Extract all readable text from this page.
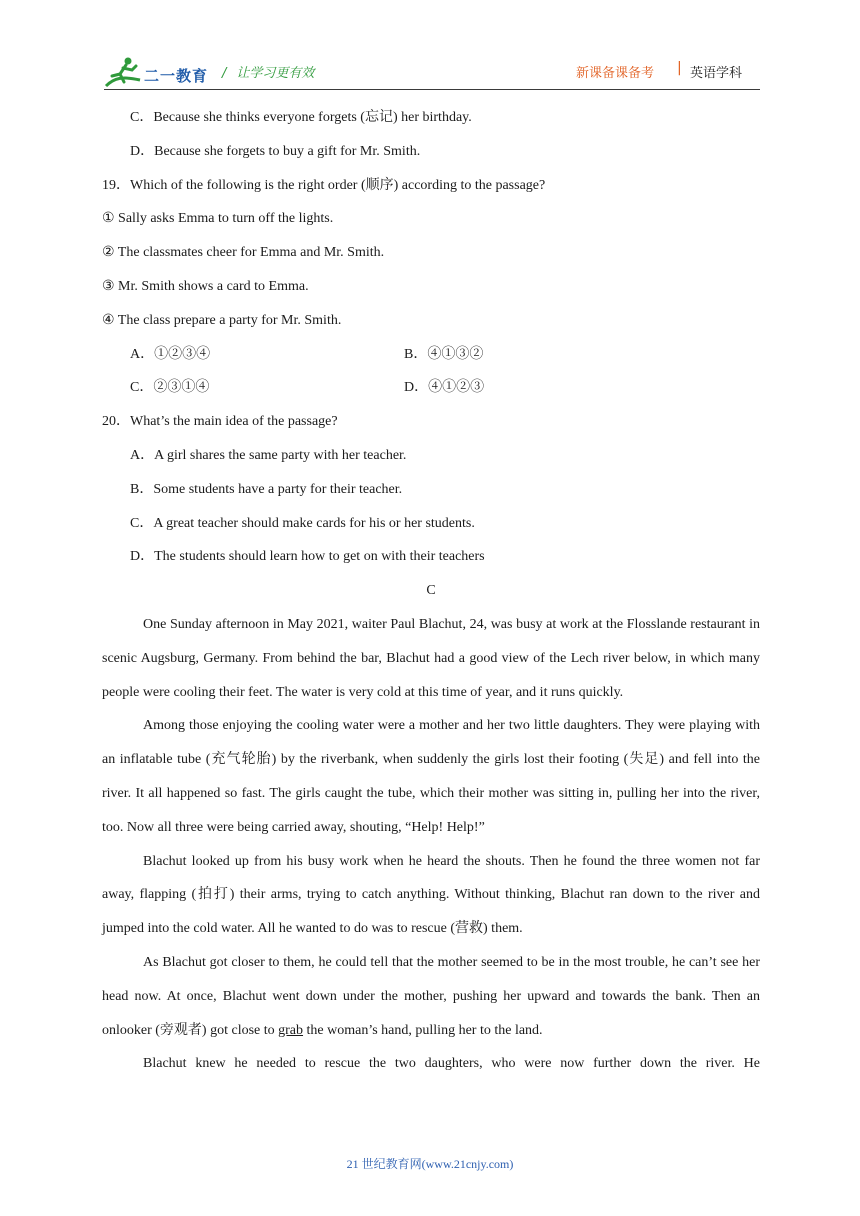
二一教育 / 让学习更有效	新课备课备考 | 英语学科
C．Because she thinks everyone forgets (忘记) her birthday.
D．Because she forgets to buy a gift for Mr. Smith.
19．Which of the following is the right order (顺序) according to the passage?
① Sally asks Emma to turn off the lights.
② The classmates cheer for Emma and Mr. Smith.
③ Mr. Smith shows a card to Emma.
④ The class prepare a party for Mr. Smith.
A．①②③④	B．④①③②
C．②③①④	D．④①②③
20．What’s the main idea of the passage?
A．A girl shares the same party with her teacher.
B．Some students have a party for their teacher.
C．A great teacher should make cards for his or her students.
D．The students should learn how to get on with their teachers
C

One Sunday afternoon in May 2021, waiter Paul Blachut, 24, was busy at work at the Flosslande restaurant in scenic Augsburg, Germany. From behind the bar, Blachut had a good view of the Lech river below, in which many people were cooling their feet. The water is very cold at this time of year, and it runs quickly.

Among those enjoying the cooling water were a mother and her two little daughters. They were playing with an inflatable tube (充气轮胎) by the riverbank, when suddenly the girls lost their footing (失足) and fell into the river. It all happened so fast. The girls caught the tube, which their mother was sitting in, pulling her into the river, too. Now all three were being carried away, shouting, “Help! Help!”

Blachut looked up from his busy work when he heard the shouts. Then he found the three women not far away, flapping (拍打) their arms, trying to catch anything. Without thinking, Blachut ran down to the river and jumped into the cold water. All he wanted to do was to rescue (营救) them.

As Blachut got closer to them, he could tell that the mother seemed to be in the most trouble, he can’t see her head now. At once, Blachut went down under the mother, pushing her upward and towards the bank. Then an onlooker (旁观者) got close to grab the woman’s hand, pulling her to the land.

Blachut knew he needed to rescue the two daughters, who were now further down the river. He

21 世纪教育网(www.21cnjy.com)
